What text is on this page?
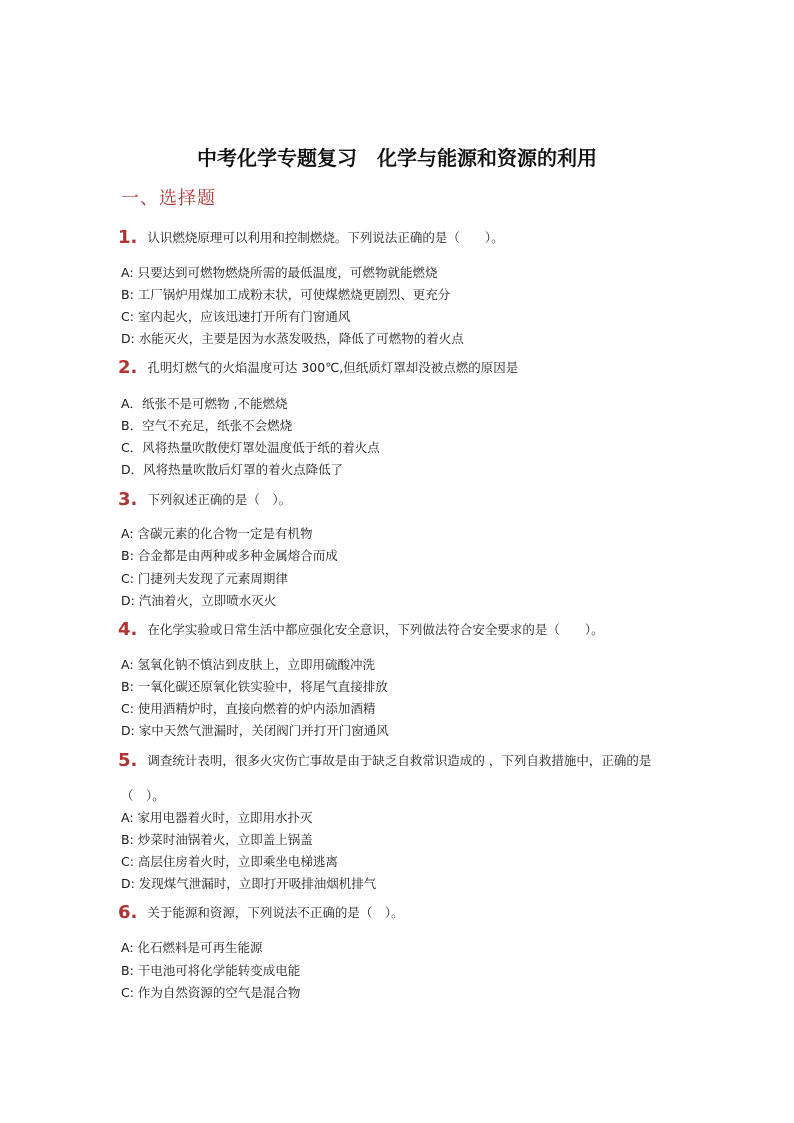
中考化学专题复习　化学与能源和资源的利用
一、选择题
1. 认识燃烧原理可以利用和控制燃烧。下列说法正确的是（　　）。
A: 只要达到可燃物燃烧所需的最低温度，可燃物就能燃烧
B: 工厂锅炉用煤加工成粉末状，可使煤燃烧更剧烈、更充分
C: 室内起火，应该迅速打开所有门窗通风
D: 水能灭火，主要是因为水蒸发吸热，降低了可燃物的着火点
2. 孔明灯燃气的火焰温度可达 300℃,但纸质灯罩却没被点燃的原因是
A．纸张不是可燃物 ,不能燃烧
B．空气不充足，纸张不会燃烧
C．风将热量吹散使灯罩处温度低于纸的着火点
D．风将热量吹散后灯罩的着火点降低了
3. 下列叙述正确的是（　）。
A: 含碳元素的化合物一定是有机物
B: 合金都是由两种或多种金属熔合而成
C: 门捷列夫发现了元素周期律
D: 汽油着火，立即喷水灭火
4. 在化学实验或日常生活中都应强化安全意识，下列做法符合安全要求的是（　　）。
A: 氢氧化钠不慎沾到皮肤上，立即用硫酸冲洗
B: 一氧化碳还原氧化铁实验中，将尾气直接排放
C: 使用酒精炉时，直接向燃着的炉内添加酒精
D: 家中天然气泄漏时，关闭阀门并打开门窗通风
5. 调查统计表明，很多火灾伤亡事故是由于缺乏自救常识造成的 ，下列自救措施中，正确的是
（　）。
A: 家用电器着火时，立即用水扑灭
B: 炒菜时油锅着火，立即盖上锅盖
C: 高层住房着火时，立即乘坐电梯逃离
D: 发现煤气泄漏时，立即打开吸排油烟机排气
6. 关于能源和资源，下列说法不正确的是（　）。
A: 化石燃料是可再生能源
B: 干电池可将化学能转变成电能
C: 作为自然资源的空气是混合物
